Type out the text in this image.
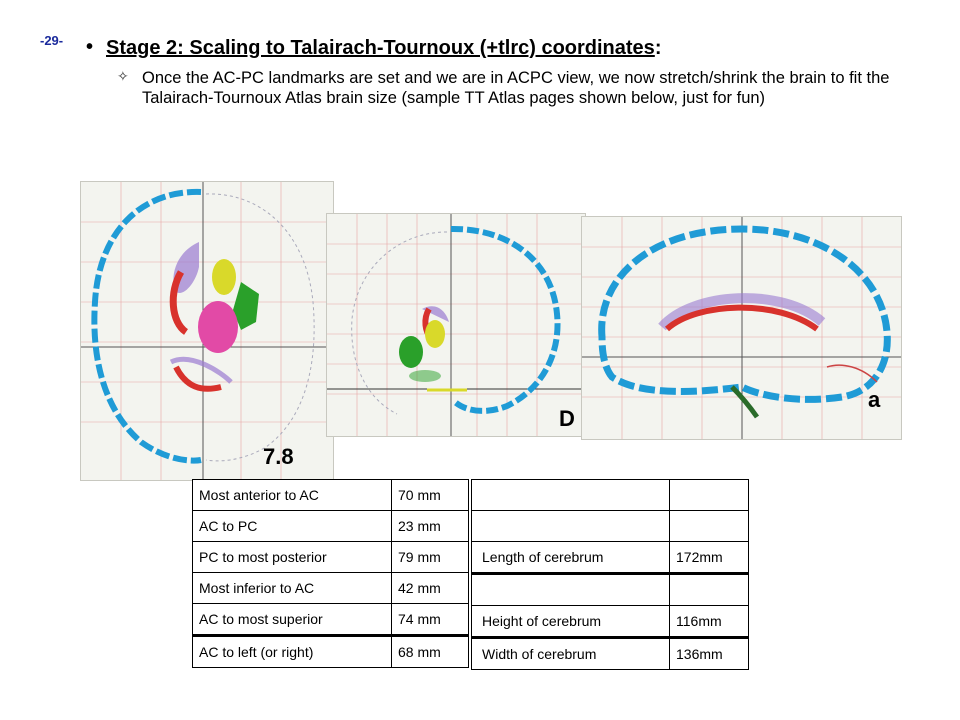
-29- • Stage 2: Scaling to Talairach-Tournoux (+tlrc) coordinates:
✧ Once the AC-PC landmarks are set and we are in ACPC view, we now stretch/shrink the brain to fit the Talairach-Tournoux Atlas brain size (sample TT Atlas pages shown below, just for fun)
7.8
D
a
Most anterior to AC	70 mm
AC to PC	23 mm
PC to most posterior	79 mm
Most inferior to AC	42 mm
AC to most superior	74 mm
AC to left (or right)	68 mm

Length of cerebrum	172mm

Height of cerebrum	116mm
Width of cerebrum	136mm
